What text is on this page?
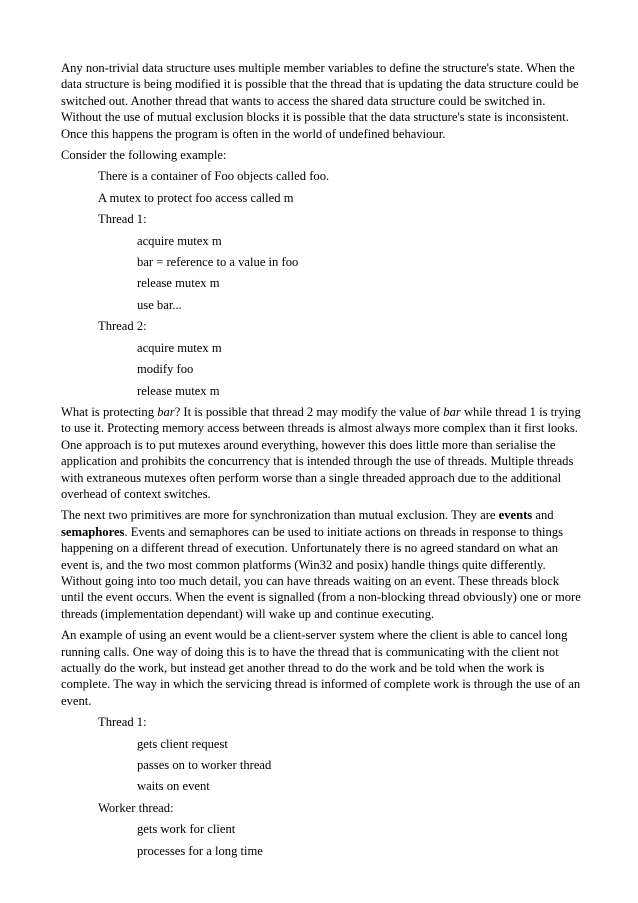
Any non-trivial data structure uses multiple member variables to define the structure's state. When the data structure is being modified it is possible that the thread that is updating the data structure could be switched out. Another thread that wants to access the shared data structure could be switched in. Without the use of mutual exclusion blocks it is possible that the data structure's state is inconsistent. Once this happens the program is often in the world of undefined behaviour.

Consider the following example:

There is a container of Foo objects called foo.

A mutex to protect foo access called m

Thread 1:

acquire mutex m

bar = reference to a value in foo

release mutex m

use bar...

Thread 2:

acquire mutex m

modify foo

release mutex m

What is protecting bar? It is possible that thread 2 may modify the value of bar while thread 1 is trying to use it. Protecting memory access between threads is almost always more complex than it first looks. One approach is to put mutexes around everything, however this does little more than serialise the application and prohibits the concurrency that is intended through the use of threads. Multiple threads with extraneous mutexes often perform worse than a single threaded approach due to the additional overhead of context switches.

The next two primitives are more for synchronization than mutual exclusion. They are events and semaphores. Events and semaphores can be used to initiate actions on threads in response to things happening on a different thread of execution. Unfortunately there is no agreed standard on what an event is, and the two most common platforms (Win32 and posix) handle things quite differently. Without going into too much detail, you can have threads waiting on an event. These threads block until the event occurs. When the event is signalled (from a non-blocking thread obviously) one or more threads (implementation dependant) will wake up and continue executing.

An example of using an event would be a client-server system where the client is able to cancel long running calls. One way of doing this is to have the thread that is communicating with the client not actually do the work, but instead get another thread to do the work and be told when the work is complete. The way in which the servicing thread is informed of complete work is through the use of an event.

Thread 1:

gets client request

passes on to worker thread

waits on event

Worker thread:

gets work for client

processes for a long time
